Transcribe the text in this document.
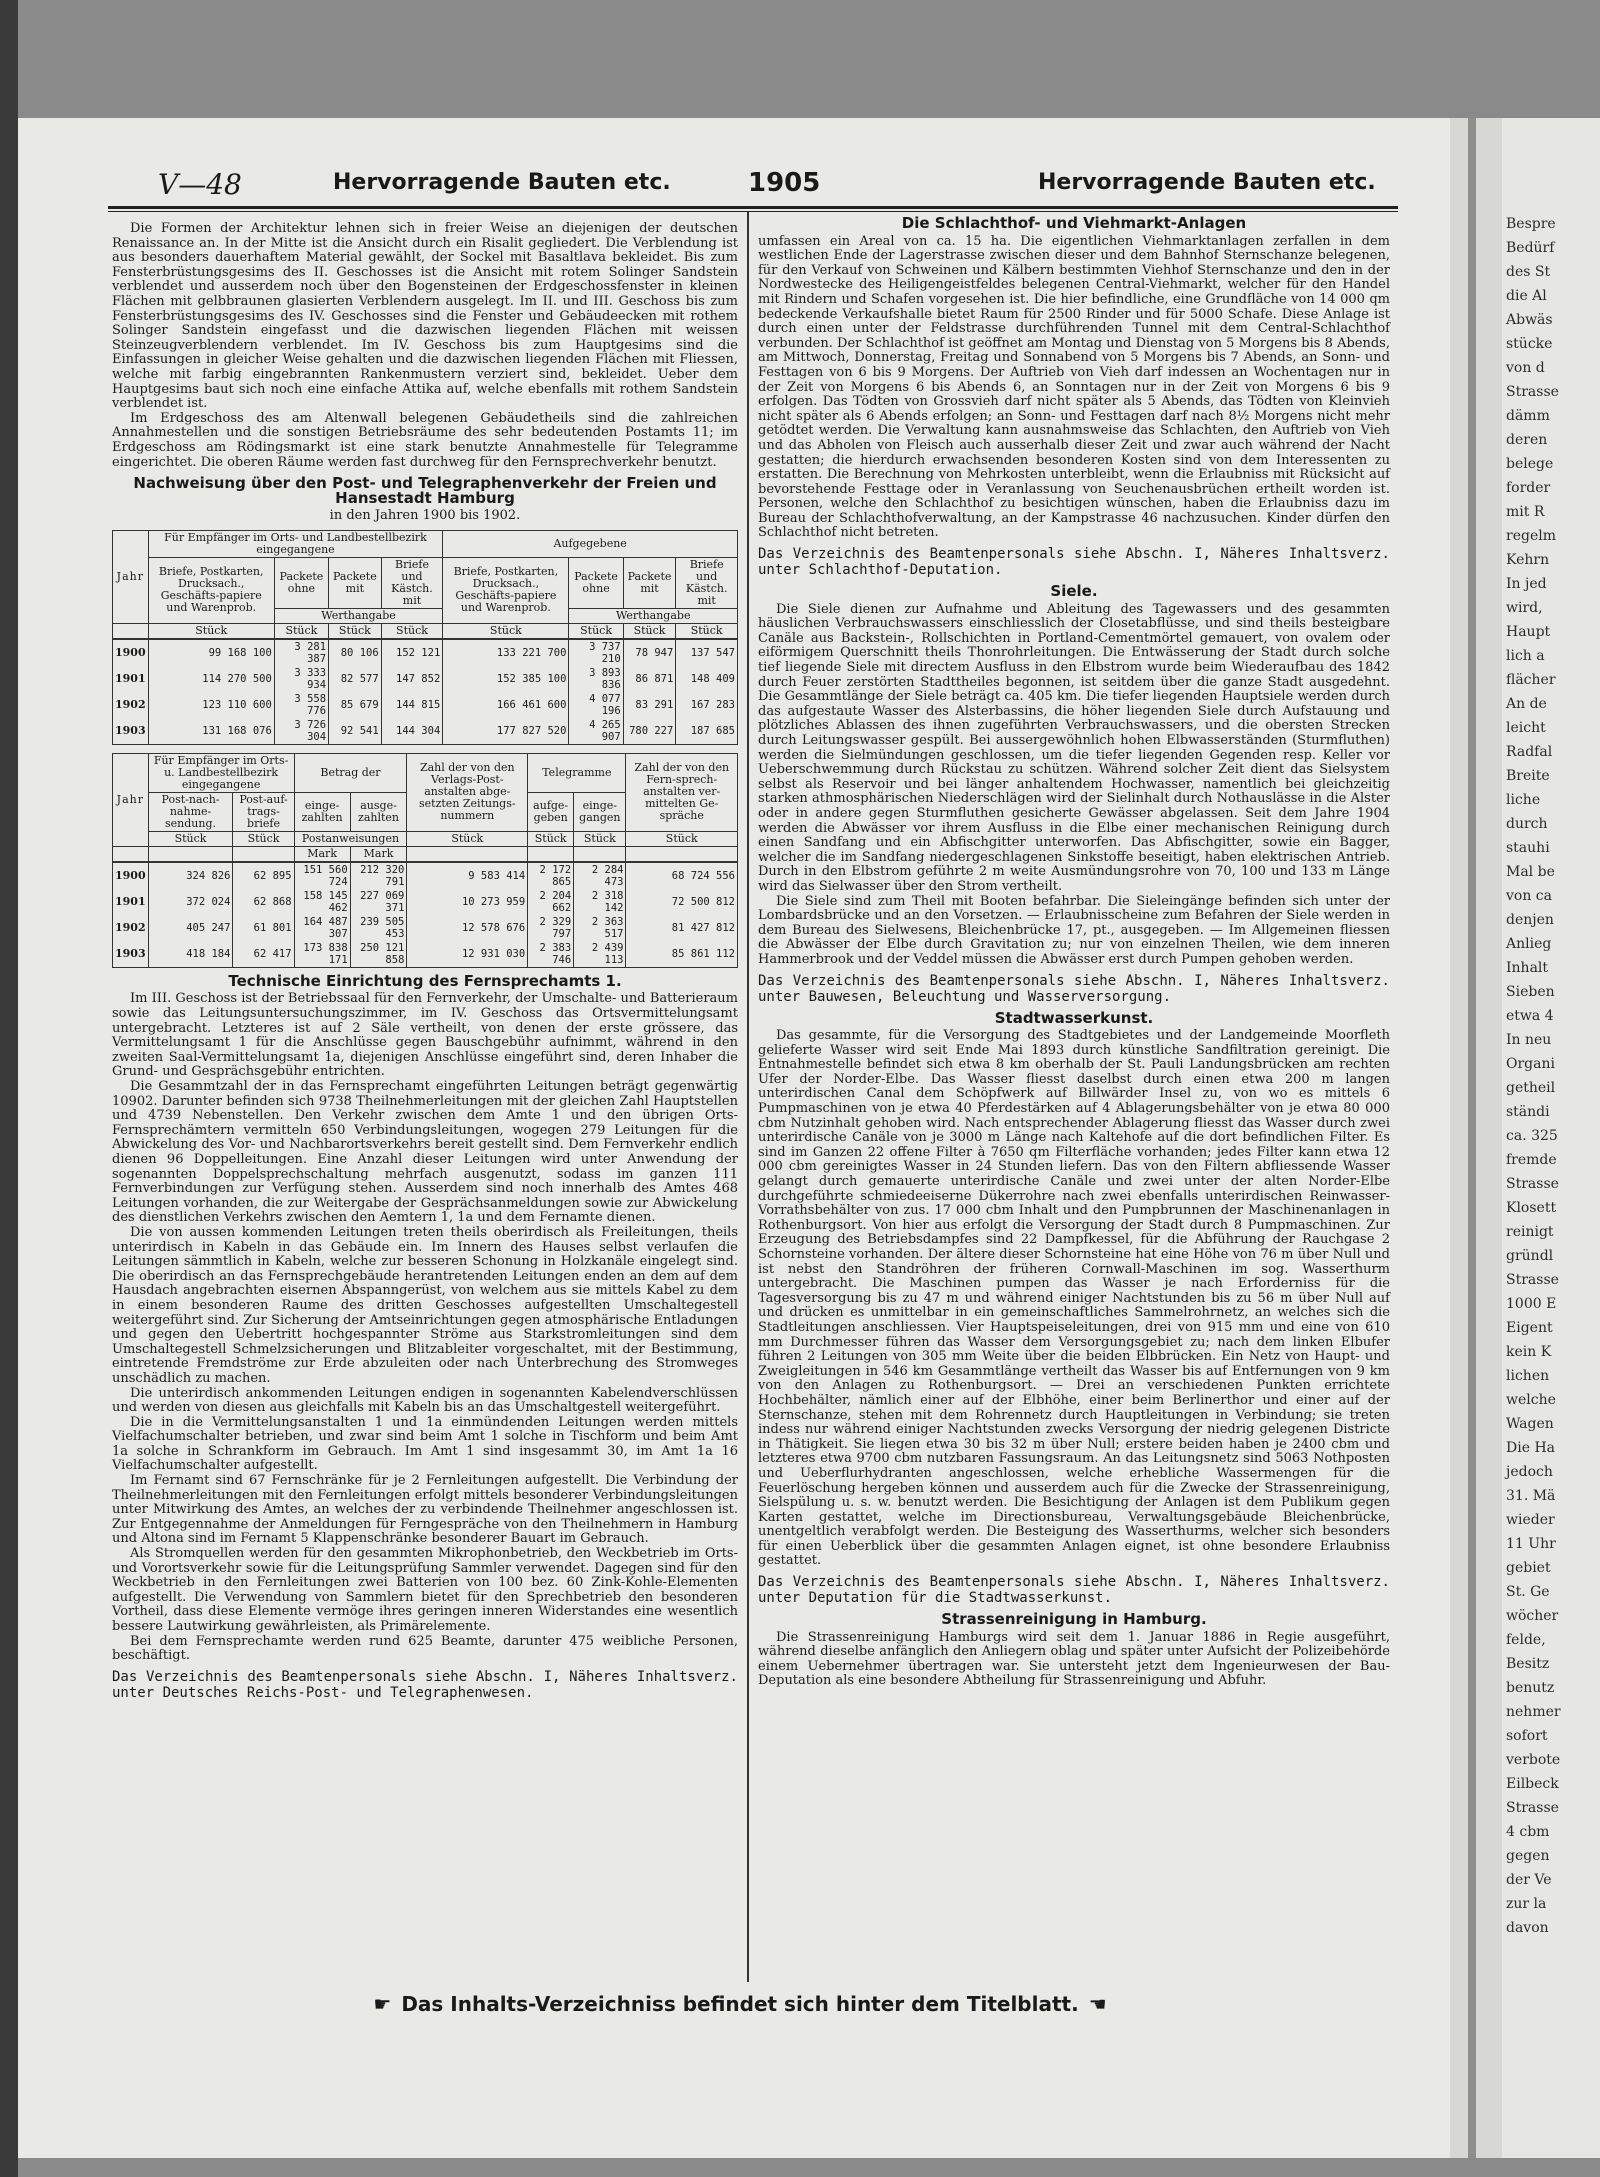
Bespre
Bedürf
des St
die Al
Abwäs
stücke
von d
Strasse
dämm
deren
belege
forder
mit R
regelm
Kehrn
In jed
wird,
Haupt
lich a
flächer
An de
leicht
Radfal
Breite
liche
durch
stauhi
Mal be
von ca
denjen
Anlieg
Inhalt
Sieben
etwa 4
In neu
Organi
getheil
ständi
ca. 325
fremde
Strasse
Klosett
reinigt
gründl
Strasse
1000 E
Eigent
kein K
lichen
welche
Wagen
Die Ha
jedoch
31. Mä
wieder
11 Uhr
gebiet
St. Ge
wöcher
felde,
Besitz
benutz
nehmer
sofort
verbote
Eilbeck
Strasse
4 cbm
gegen
der Ve
zur la
davon
V—48	Hervorragende Bauten etc.	1905	Hervorragende Bauten etc.

Die Formen der Architektur lehnen sich in freier Weise an diejenigen der deutschen Renaissance an. In der Mitte ist die Ansicht durch ein Risalit gegliedert. Die Verblendung ist aus besonders dauerhaftem Material gewählt, der Sockel mit Basaltlava bekleidet. Bis zum Fensterbrüstungsgesims des II. Geschosses ist die Ansicht mit rotem Solinger Sandstein verblendet und ausserdem noch über den Bogensteinen der Erdgeschossfenster in kleinen Flächen mit gelbbraunen glasierten Verblendern ausgelegt. Im II. und III. Geschoss bis zum Fensterbrüstungsgesims des IV. Geschosses sind die Fenster und Gebäudeecken mit rothem Solinger Sandstein eingefasst und die dazwischen liegenden Flächen mit weissen Steinzeugverblendern verblendet. Im IV. Geschoss bis zum Hauptgesims sind die Einfassungen in gleicher Weise gehalten und die dazwischen liegenden Flächen mit Fliessen, welche mit farbig eingebrannten Rankenmustern verziert sind, bekleidet. Ueber dem Hauptgesims baut sich noch eine einfache Attika auf, welche ebenfalls mit rothem Sandstein verblendet ist.

Im Erdgeschoss des am Altenwall belegenen Gebäudetheils sind die zahlreichen Annahmestellen und die sonstigen Betriebsräume des sehr bedeutenden Postamts 11; im Erdgeschoss am Rödingsmarkt ist eine stark benutzte Annahmestelle für Telegramme eingerichtet. Die oberen Räume werden fast durchweg für den Fernsprechverkehr benutzt.

Nachweisung über den Post- und Telegraphenverkehr der Freien und Hansestadt Hamburg
in den Jahren 1900 bis 1902.
Jahr	Für Empfänger im Orts- und Landbestellbezirk eingegangene				Aufgegebene			
	Briefe, Postkarten, Drucksach., Geschäfts-papiere und Warenprob.	Packete ohne	Packete mit	Briefe und Kästch. mit	Briefe, Postkarten, Drucksach., Geschäfts-papiere und Warenprob.	Packete ohne	Packete mit	Briefe und Kästch. mit
		Werthangabe				Werthangabe		
	Stück	Stück	Stück	Stück	Stück	Stück	Stück	Stück
1900	99 168 100	3 281 387	80 106	152 121	133 221 700	3 737 210	78 947	137 547
1901	114 270 500	3 333 934	82 577	147 852	152 385 100	3 893 836	86 871	148 409
1902	123 110 600	3 558 776	85 679	144 815	166 461 600	4 077 196	83 291	167 283
1903	131 168 076	3 726 304	92 541	144 304	177 827 520	4 265 907	780 227	187 685
Jahr	Für Empfänger im Orts- u. Landbestellbezirk eingegangene		Betrag der		Zahl der von den Verlags-Post-anstalten abge-setzten Zeitungs-nummern	Telegramme		Zahl der von den Fern-sprech-anstalten ver-mittelten Ge-spräche
	Post-nach-nahme-sendung.	Post-auf-trags-briefe	einge-zahlten	ausge-zahlten		aufge-geben	einge-gangen	
	Stück	Stück	Postanweisungen		Stück	Stück	Stück	Stück
			Mark	Mark				
1900	324 826	62 895	151 560 724	212 320 791	9 583 414	2 172 865	2 284 473	68 724 556
1901	372 024	62 868	158 145 462	227 069 371	10 273 959	2 204 662	2 318 142	72 500 812
1902	405 247	61 801	164 487 307	239 505 453	12 578 676	2 329 797	2 363 517	81 427 812
1903	418 184	62 417	173 838 171	250 121 858	12 931 030	2 383 746	2 439 113	85 861 112
Technische Einrichtung des Fernsprechamts 1.

Im III. Geschoss ist der Betriebssaal für den Fernverkehr, der Umschalte- und Batterieraum sowie das Leitungsuntersuchungszimmer, im IV. Geschoss das Ortsvermittelungsamt untergebracht. Letzteres ist auf 2 Säle vertheilt, von denen der erste grössere, das Vermittelungsamt 1 für die Anschlüsse gegen Bauschgebühr aufnimmt, während in den zweiten Saal-Vermittelungsamt 1a, diejenigen Anschlüsse eingeführt sind, deren Inhaber die Grund- und Gesprächsgebühr entrichten.

Die Gesammtzahl der in das Fernsprechamt eingeführten Leitungen beträgt gegenwärtig 10902. Darunter befinden sich 9738 Theilnehmerleitungen mit der gleichen Zahl Hauptstellen und 4739 Nebenstellen. Den Verkehr zwischen dem Amte 1 und den übrigen Orts-Fernsprechämtern vermitteln 650 Verbindungsleitungen, wogegen 279 Leitungen für die Abwickelung des Vor- und Nachbarortsverkehrs bereit gestellt sind. Dem Fernverkehr endlich dienen 96 Doppelleitungen. Eine Anzahl dieser Leitungen wird unter Anwendung der sogenannten Doppelsprechschaltung mehrfach ausgenutzt, sodass im ganzen 111 Fernverbindungen zur Verfügung stehen. Ausserdem sind noch innerhalb des Amtes 468 Leitungen vorhanden, die zur Weitergabe der Gesprächsanmeldungen sowie zur Abwickelung des dienstlichen Verkehrs zwischen den Aemtern 1, 1a und dem Fernamte dienen.

Die von aussen kommenden Leitungen treten theils oberirdisch als Freileitungen, theils unterirdisch in Kabeln in das Gebäude ein. Im Innern des Hauses selbst verlaufen die Leitungen sämmtlich in Kabeln, welche zur besseren Schonung in Holzkanäle eingelegt sind. Die oberirdisch an das Fernsprechgebäude herantretenden Leitungen enden an dem auf dem Hausdach angebrachten eisernen Abspanngerüst, von welchem aus sie mittels Kabel zu dem in einem besonderen Raume des dritten Geschosses aufgestellten Umschaltegestell weitergeführt sind. Zur Sicherung der Amtseinrichtungen gegen atmosphärische Entladungen und gegen den Uebertritt hochgespannter Ströme aus Starkstromleitungen sind dem Umschaltegestell Schmelzsicherungen und Blitzableiter vorgeschaltet, mit der Bestimmung, eintretende Fremdströme zur Erde abzuleiten oder nach Unterbrechung des Stromweges unschädlich zu machen.

Die unterirdisch ankommenden Leitungen endigen in sogenannten Kabelendverschlüssen und werden von diesen aus gleichfalls mit Kabeln bis an das Umschaltgestell weitergeführt.

Die in die Vermittelungsanstalten 1 und 1a einmündenden Leitungen werden mittels Vielfachumschalter betrieben, und zwar sind beim Amt 1 solche in Tischform und beim Amt 1a solche in Schrankform im Gebrauch. Im Amt 1 sind insgesammt 30, im Amt 1a 16 Vielfachumschalter aufgestellt.

Im Fernamt sind 67 Fernschränke für je 2 Fernleitungen aufgestellt. Die Verbindung der Theilnehmerleitungen mit den Fernleitungen erfolgt mittels besonderer Verbindungsleitungen unter Mitwirkung des Amtes, an welches der zu verbindende Theilnehmer angeschlossen ist. Zur Entgegennahme der Anmeldungen für Ferngespräche von den Theilnehmern in Hamburg und Altona sind im Fernamt 5 Klappenschränke besonderer Bauart im Gebrauch.

Als Stromquellen werden für den gesammten Mikrophonbetrieb, den Weckbetrieb im Orts- und Vorortsverkehr sowie für die Leitungsprüfung Sammler verwendet. Dagegen sind für den Weckbetrieb in den Fernleitungen zwei Batterien von 100 bez. 60 Zink-Kohle-Elementen aufgestellt. Die Verwendung von Sammlern bietet für den Sprechbetrieb den besonderen Vortheil, dass diese Elemente vermöge ihres geringen inneren Widerstandes eine wesentlich bessere Lautwirkung gewährleisten, als Primärelemente.

Bei dem Fernsprechamte werden rund 625 Beamte, darunter 475 weibliche Personen, beschäftigt.

Das Verzeichnis des Beamtenpersonals siehe Abschn. I, Näheres Inhaltsverz. unter Deutsches Reichs-Post- und Telegraphenwesen.

Die Schlachthof- und Viehmarkt-Anlagen

umfassen ein Areal von ca. 15 ha. Die eigentlichen Viehmarktanlagen zerfallen in dem westlichen Ende der Lagerstrasse zwischen dieser und dem Bahnhof Sternschanze belegenen, für den Verkauf von Schweinen und Kälbern bestimmten Viehhof Sternschanze und den in der Nordwestecke des Heiligengeistfeldes belegenen Central-Viehmarkt, welcher für den Handel mit Rindern und Schafen vorgesehen ist. Die hier befindliche, eine Grundfläche von 14 000 qm bedeckende Verkaufshalle bietet Raum für 2500 Rinder und für 5000 Schafe. Diese Anlage ist durch einen unter der Feldstrasse durchführenden Tunnel mit dem Central-Schlachthof verbunden. Der Schlachthof ist geöffnet am Montag und Dienstag von 5 Morgens bis 8 Abends, am Mittwoch, Donnerstag, Freitag und Sonnabend von 5 Morgens bis 7 Abends, an Sonn- und Festtagen von 6 bis 9 Morgens. Der Auftrieb von Vieh darf indessen an Wochentagen nur in der Zeit von Morgens 6 bis Abends 6, an Sonntagen nur in der Zeit von Morgens 6 bis 9 erfolgen. Das Tödten von Grossvieh darf nicht später als 5 Abends, das Tödten von Kleinvieh nicht später als 6 Abends erfolgen; an Sonn- und Festtagen darf nach 8½ Morgens nicht mehr getödtet werden. Die Verwaltung kann ausnahmsweise das Schlachten, den Auftrieb von Vieh und das Abholen von Fleisch auch ausserhalb dieser Zeit und zwar auch während der Nacht gestatten; die hierdurch erwachsenden besonderen Kosten sind von dem Interessenten zu erstatten. Die Berechnung von Mehrkosten unterbleibt, wenn die Erlaubniss mit Rücksicht auf bevorstehende Festtage oder in Veranlassung von Seuchenausbrüchen ertheilt worden ist. Personen, welche den Schlachthof zu besichtigen wünschen, haben die Erlaubniss dazu im Bureau der Schlachthofverwaltung, an der Kampstrasse 46 nachzusuchen. Kinder dürfen den Schlachthof nicht betreten.

Das Verzeichnis des Beamtenpersonals siehe Abschn. I, Näheres Inhaltsverz. unter Schlachthof-Deputation.

Siele.

Die Siele dienen zur Aufnahme und Ableitung des Tagewassers und des gesammten häuslichen Verbrauchswassers einschliesslich der Closetabflüsse, und sind theils besteigbare Canäle aus Backstein-, Rollschichten in Portland-Cementmörtel gemauert, von ovalem oder eiförmigem Querschnitt theils Thonrohrleitungen. Die Entwässerung der Stadt durch solche tief liegende Siele mit directem Ausfluss in den Elbstrom wurde beim Wiederaufbau des 1842 durch Feuer zerstörten Stadttheiles begonnen, ist seitdem über die ganze Stadt ausgedehnt. Die Gesammtlänge der Siele beträgt ca. 405 km. Die tiefer liegenden Hauptsiele werden durch das aufgestaute Wasser des Alsterbassins, die höher liegenden Siele durch Aufstauung und plötzliches Ablassen des ihnen zugeführten Verbrauchswassers, und die obersten Strecken durch Leitungswasser gespült. Bei aussergewöhnlich hohen Elbwasserständen (Sturmfluthen) werden die Sielmündungen geschlossen, um die tiefer liegenden Gegenden resp. Keller vor Ueberschwemmung durch Rückstau zu schützen. Während solcher Zeit dient das Sielsystem selbst als Reservoir und bei länger anhaltendem Hochwasser, namentlich bei gleichzeitig starken athmosphärischen Niederschlägen wird der Sielinhalt durch Nothauslässe in die Alster oder in andere gegen Sturmfluthen gesicherte Gewässer abgelassen. Seit dem Jahre 1904 werden die Abwässer vor ihrem Ausfluss in die Elbe einer mechanischen Reinigung durch einen Sandfang und ein Abfischgitter unterworfen. Das Abfischgitter, sowie ein Bagger, welcher die im Sandfang niedergeschlagenen Sinkstoffe beseitigt, haben elektrischen Antrieb. Durch in den Elbstrom geführte 2 m weite Ausmündungsrohre von 70, 100 und 133 m Länge wird das Sielwasser über den Strom vertheilt.

Die Siele sind zum Theil mit Booten befahrbar. Die Sieleingänge befinden sich unter der Lombardsbrücke und an den Vorsetzen. — Erlaubnisscheine zum Befahren der Siele werden in dem Bureau des Sielwesens, Bleichenbrücke 17, pt., ausgegeben. — Im Allgemeinen fliessen die Abwässer der Elbe durch Gravitation zu; nur von einzelnen Theilen, wie dem inneren Hammerbrook und der Veddel müssen die Abwässer erst durch Pumpen gehoben werden.

Das Verzeichnis des Beamtenpersonals siehe Abschn. I, Näheres Inhaltsverz. unter Bauwesen, Beleuchtung und Wasserversorgung.

Stadtwasserkunst.

Das gesammte, für die Versorgung des Stadtgebietes und der Landgemeinde Moorfleth gelieferte Wasser wird seit Ende Mai 1893 durch künstliche Sandfiltration gereinigt. Die Entnahmestelle befindet sich etwa 8 km oberhalb der St. Pauli Landungsbrücken am rechten Ufer der Norder-Elbe. Das Wasser fliesst daselbst durch einen etwa 200 m langen unterirdischen Canal dem Schöpfwerk auf Billwärder Insel zu, von wo es mittels 6 Pumpmaschinen von je etwa 40 Pferdestärken auf 4 Ablagerungsbehälter von je etwa 80 000 cbm Nutzinhalt gehoben wird. Nach entsprechender Ablagerung fliesst das Wasser durch zwei unterirdische Canäle von je 3000 m Länge nach Kaltehofe auf die dort befindlichen Filter. Es sind im Ganzen 22 offene Filter à 7650 qm Filterfläche vorhanden; jedes Filter kann etwa 12 000 cbm gereinigtes Wasser in 24 Stunden liefern. Das von den Filtern abfliessende Wasser gelangt durch gemauerte unterirdische Canäle und zwei unter der alten Norder-Elbe durchgeführte schmiedeeiserne Dükerrohre nach zwei ebenfalls unterirdischen Reinwasser-Vorrathsbehälter von zus. 17 000 cbm Inhalt und den Pumpbrunnen der Maschinenanlagen in Rothenburgsort. Von hier aus erfolgt die Versorgung der Stadt durch 8 Pumpmaschinen. Zur Erzeugung des Betriebsdampfes sind 22 Dampfkessel, für die Abführung der Rauchgase 2 Schornsteine vorhanden. Der ältere dieser Schornsteine hat eine Höhe von 76 m über Null und ist nebst den Standröhren der früheren Cornwall-Maschinen im sog. Wasserthurm untergebracht. Die Maschinen pumpen das Wasser je nach Erforderniss für die Tagesversorgung bis zu 47 m und während einiger Nachtstunden bis zu 56 m über Null auf und drücken es unmittelbar in ein gemeinschaftliches Sammelrohrnetz, an welches sich die Stadtleitungen anschliessen. Vier Hauptspeiseleitungen, drei von 915 mm und eine von 610 mm Durchmesser führen das Wasser dem Versorgungsgebiet zu; nach dem linken Elbufer führen 2 Leitungen von 305 mm Weite über die beiden Elbbrücken. Ein Netz von Haupt- und Zweigleitungen in 546 km Gesammtlänge vertheilt das Wasser bis auf Entfernungen von 9 km von den Anlagen zu Rothenburgsort. — Drei an verschiedenen Punkten errichtete Hochbehälter, nämlich einer auf der Elbhöhe, einer beim Berlinerthor und einer auf der Sternschanze, stehen mit dem Rohrennetz durch Hauptleitungen in Verbindung; sie treten indess nur während einiger Nachtstunden zwecks Versorgung der niedrig gelegenen Districte in Thätigkeit. Sie liegen etwa 30 bis 32 m über Null; erstere beiden haben je 2400 cbm und letzteres etwa 9700 cbm nutzbaren Fassungsraum. An das Leitungsnetz sind 5063 Nothposten und Ueberflurhydranten angeschlossen, welche erhebliche Wassermengen für die Feuerlöschung hergeben können und ausserdem auch für die Zwecke der Strassenreinigung, Sielspülung u. s. w. benutzt werden. Die Besichtigung der Anlagen ist dem Publikum gegen Karten gestattet, welche im Directionsbureau, Verwaltungsgebäude Bleichenbrücke, unentgeltlich verabfolgt werden. Die Besteigung des Wasserthurms, welcher sich besonders für einen Ueberblick über die gesammten Anlagen eignet, ist ohne besondere Erlaubniss gestattet.

Das Verzeichnis des Beamtenpersonals siehe Abschn. I, Näheres Inhaltsverz. unter Deputation für die Stadtwasserkunst.

Strassenreinigung in Hamburg.

Die Strassenreinigung Hamburgs wird seit dem 1. Januar 1886 in Regie ausgeführt, während dieselbe anfänglich den Anliegern oblag und später unter Aufsicht der Polizeibehörde einem Uebernehmer übertragen war. Sie untersteht jetzt dem Ingenieurwesen der Bau-Deputation als eine besondere Abtheilung für Strassenreinigung und Abfuhr.

☛ Das Inhalts-Verzeichniss befindet sich hinter dem Titelblatt. ☚
